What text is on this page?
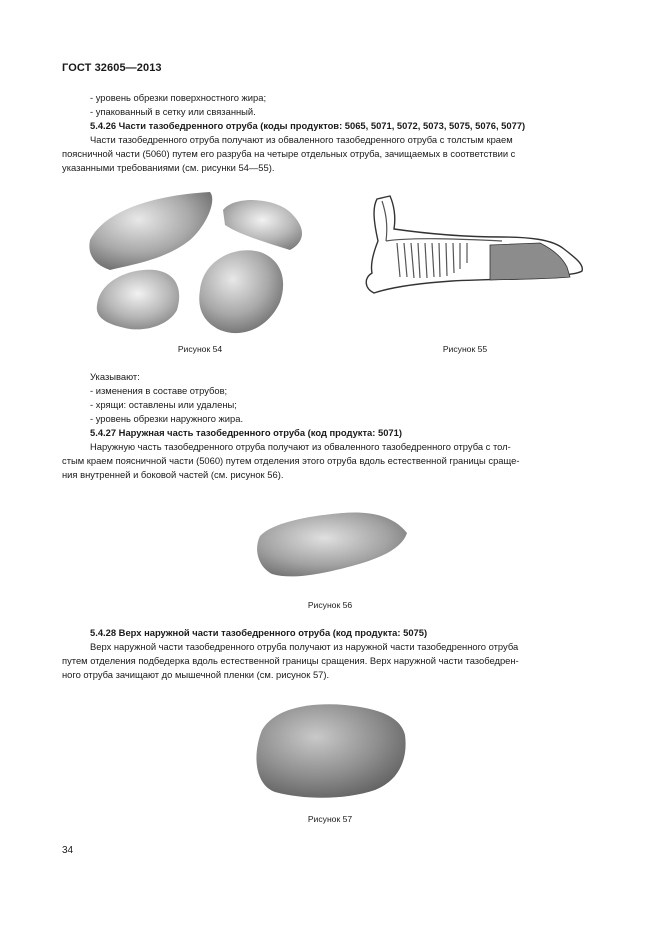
ГОСТ 32605—2013
- уровень обрезки поверхностного жира;
- упакованный в сетку или связанный.
5.4.26 Части тазобедренного отруба (коды продуктов: 5065, 5071, 5072, 5073, 5075, 5076, 5077)
Части тазобедренного отруба получают из обваленного тазобедренного отруба с толстым краем
поясничной части (5060) путем его разруба на четыре отдельных отруба, зачищаемых в соответствии с
указанными требованиями (см. рисунки 54—55).
Рисунок 54	Рисунок 55
Указывают:
- изменения в составе отрубов;
- хрящи: оставлены или удалены;
- уровень обрезки наружного жира.
5.4.27 Наружная часть тазобедренного отруба (код продукта: 5071)
Наружную часть тазобедренного отруба получают из обваленного тазобедренного отруба с тол-
стым краем поясничной части (5060) путем отделения этого отруба вдоль естественной границы сраще-
ния внутренней и боковой частей (см. рисунок 56).
Рисунок 56
5.4.28 Верх наружной части тазобедренного отруба (код продукта: 5075)
Верх наружной части тазобедренного отруба получают из наружной части тазобедренного отруба
путем отделения подбедерка вдоль естественной границы сращения. Верх наружной части тазобедрен-
ного отруба зачищают до мышечной пленки (см. рисунок 57).
Рисунок 57
34
